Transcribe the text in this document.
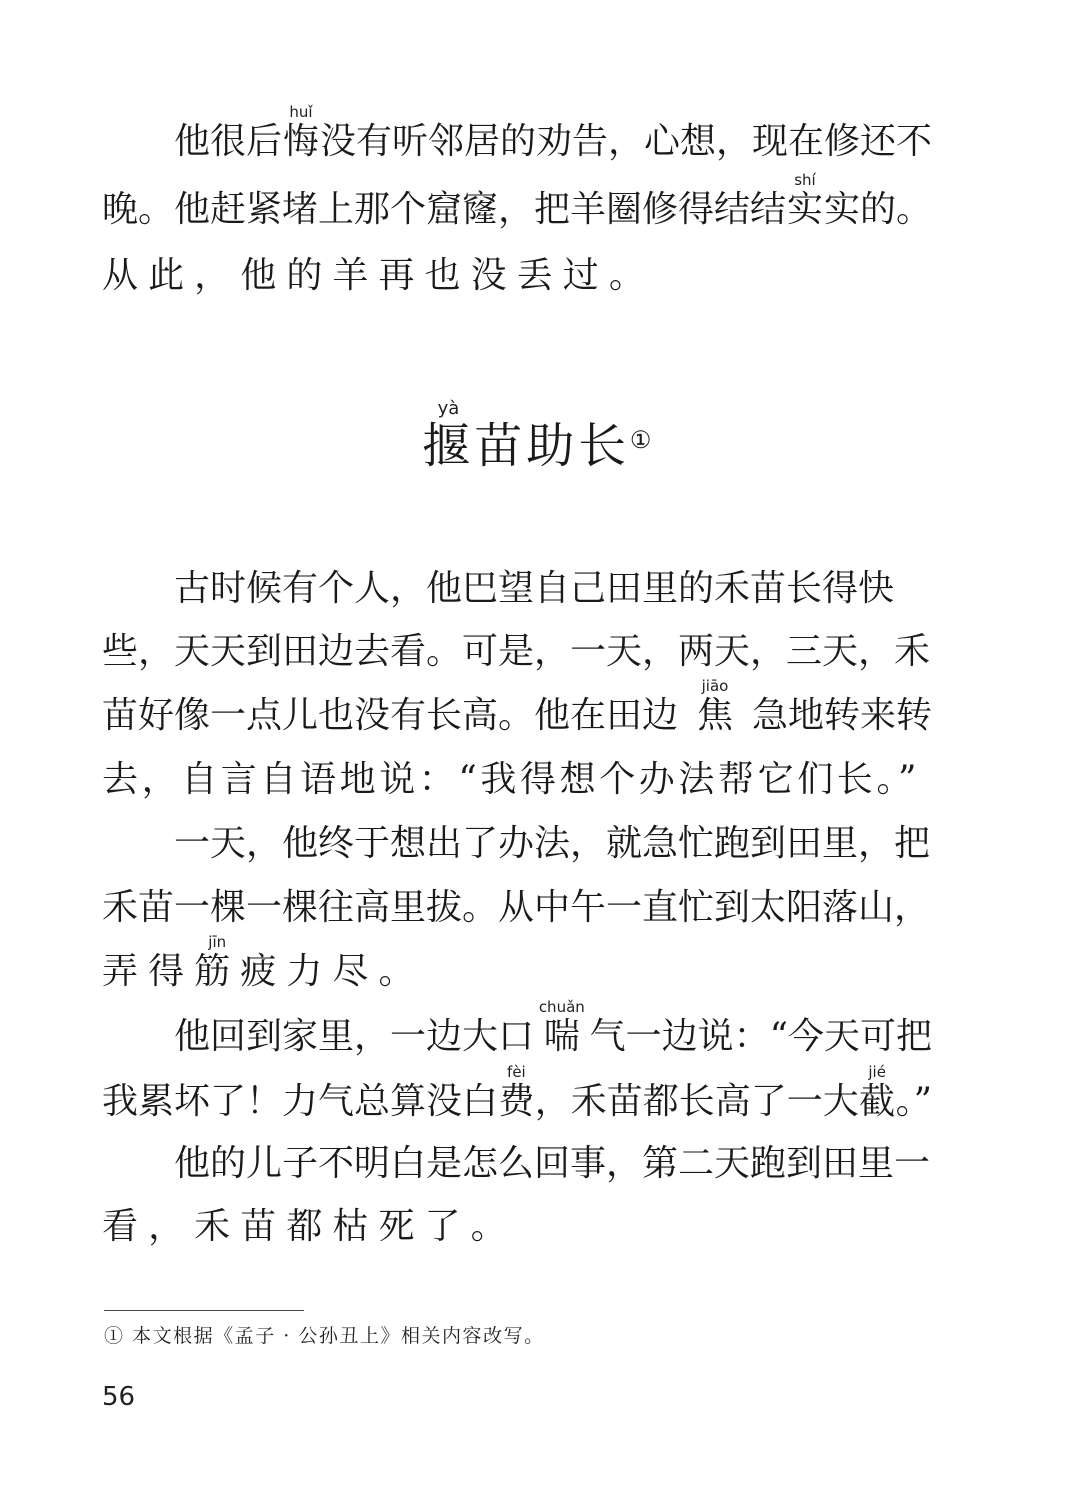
他很后 悔huǐ
没有听邻居的劝告，心想，现在修还不
晚。他赶紧堵上那个窟窿，把羊圈修得结结 实shí
实的。
从此，他的羊再也没丢过。
揠yà苗助长①
古时候有个人，他巴望自己田里的禾苗长得快
些，天天到田边去看。可是，一天，两天，三天，禾
苗好像一点儿也没有长高。他在田边 焦jiāo
急地转来转
去，自言自语地说：“我得想个办法帮它们长。”
一天，他终于想出了办法，就急忙跑到田里，把
禾苗一棵一棵往高里拔。从中午一直忙到太阳落山，
弄得 筋jīn
疲力尽。
他回到家里，一边大口 喘chuǎn
气一边说：“今天可把
我累坏了！力气总算没白 费fèi
，禾苗都长高了一大 截jié
。”
他的儿子不明白是怎么回事，第二天跑到田里一
看，禾苗都枯死了。
① 本文根据《孟子 · 公孙丑上》相关内容改写。
56
